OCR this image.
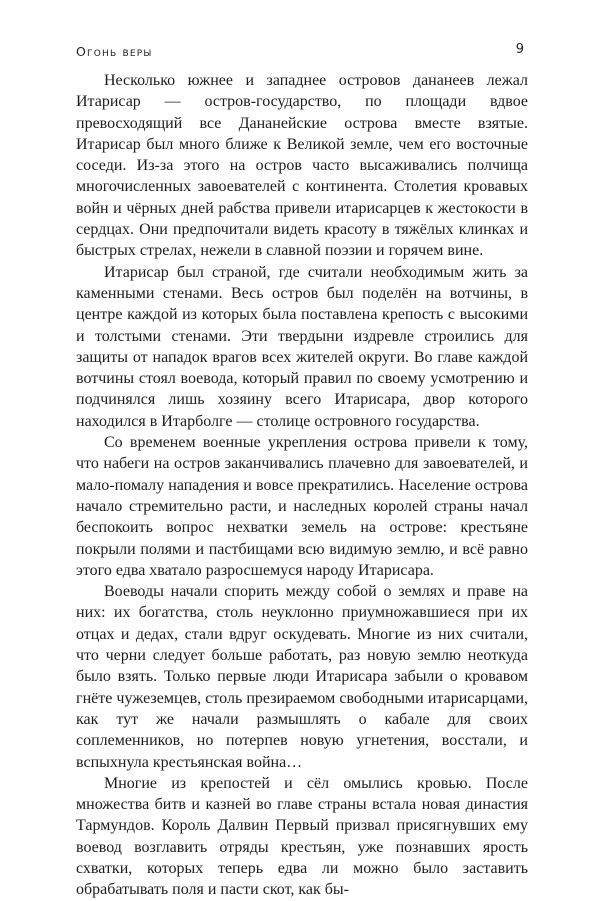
Огонь веры	9

Несколько южнее и западнее островов дананеев лежал Итарисар — остров-государство, по площади вдвое превосходящий все Дананейские острова вместе взятые. Итарисар был много ближе к Великой земле, чем его восточные соседи. Из-за этого на остров часто высаживались полчища многочисленных завоевателей с континента. Столетия кровавых войн и чёрных дней рабства привели итарисарцев к жестокости в сердцах. Они предпочитали видеть красоту в тяжёлых клинках и быстрых стрелах, нежели в славной поэзии и горячем вине.

Итарисар был страной, где считали необходимым жить за каменными стенами. Весь остров был поделён на вотчины, в центре каждой из которых была поставлена крепость с высокими и толстыми стенами. Эти твердыни издревле строились для защиты от нападок врагов всех жителей округи. Во главе каждой вотчины стоял воевода, который правил по своему усмотрению и подчинялся лишь хозяину всего Итарисара, двор которого находился в Итарболге — столице островного государства.

Со временем военные укрепления острова привели к тому, что набеги на остров заканчивались плачевно для завоевателей, и мало-помалу нападения и вовсе прекратились. Население острова начало стремительно расти, и наследных королей страны начал беспокоить вопрос нехватки земель на острове: крестьяне покрыли полями и пастбищами всю видимую землю, и всё равно этого едва хватало разросшемуся народу Итарисара.

Воеводы начали спорить между собой о землях и праве на них: их богатства, столь неуклонно приумножавшиеся при их отцах и дедах, стали вдруг оскудевать. Многие из них считали, что черни следует больше работать, раз новую землю неоткуда было взять. Только первые люди Итарисара забыли о кровавом гнёте чужеземцев, столь презираемом свободными итарисарцами, как тут же начали размышлять о кабале для своих соплеменников, но потерпев новую угнетения, восстали, и вспыхнула крестьянская война…

Многие из крепостей и сёл омылись кровью. После множества битв и казней во главе страны встала новая династия Тармундов. Король Далвин Первый призвал присягнувших ему воевод возглавить отряды крестьян, уже познавших ярость схватки, которых теперь едва ли можно было заставить обрабатывать поля и пасти скот, как бы-
